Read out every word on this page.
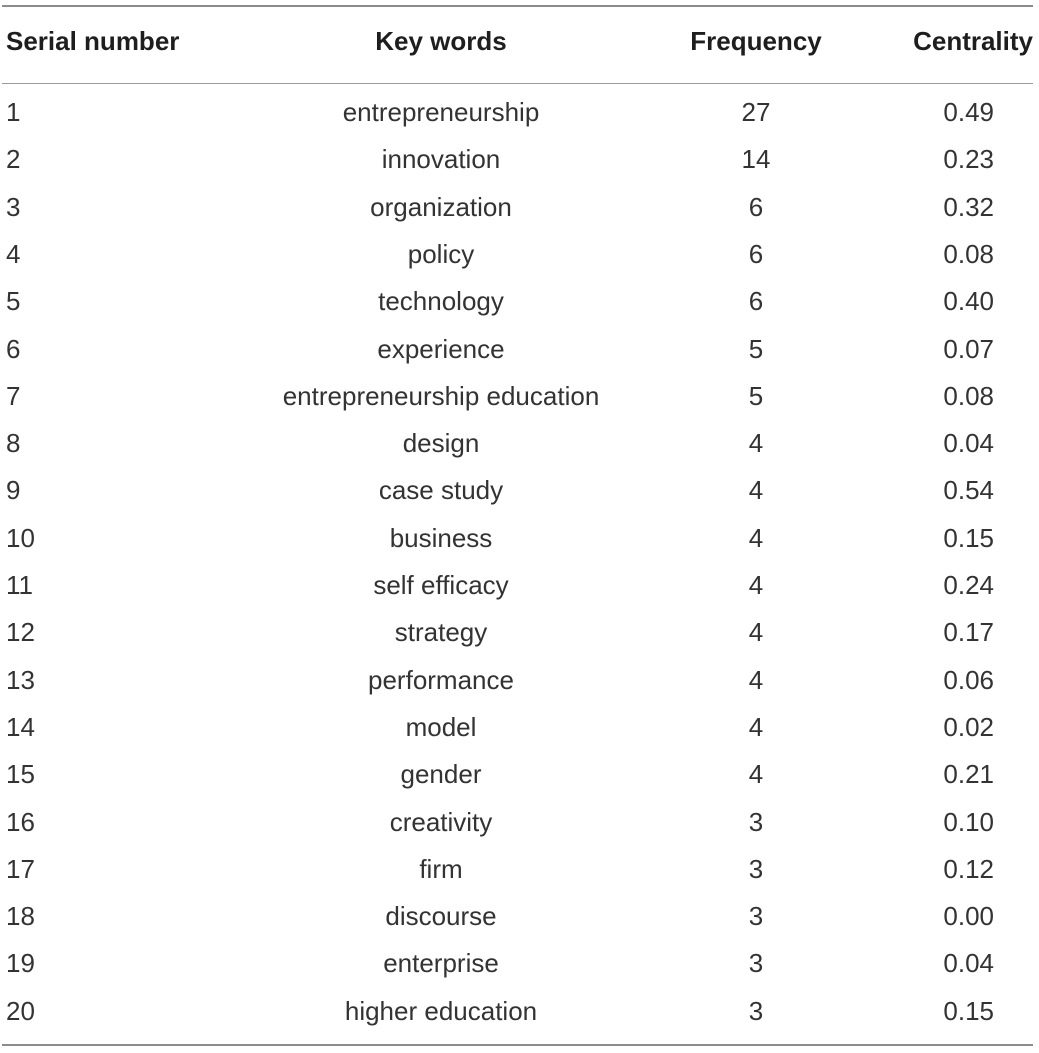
Serial number	Key words	Frequency	Centrality
1	entrepreneurship	27	0.49
2	innovation	14	0.23
3	organization	6	0.32
4	policy	6	0.08
5	technology	6	0.40
6	experience	5	0.07
7	entrepreneurship education	5	0.08
8	design	4	0.04
9	case study	4	0.54
10	business	4	0.15
11	self efficacy	4	0.24
12	strategy	4	0.17
13	performance	4	0.06
14	model	4	0.02
15	gender	4	0.21
16	creativity	3	0.10
17	firm	3	0.12
18	discourse	3	0.00
19	enterprise	3	0.04
20	higher education	3	0.15
